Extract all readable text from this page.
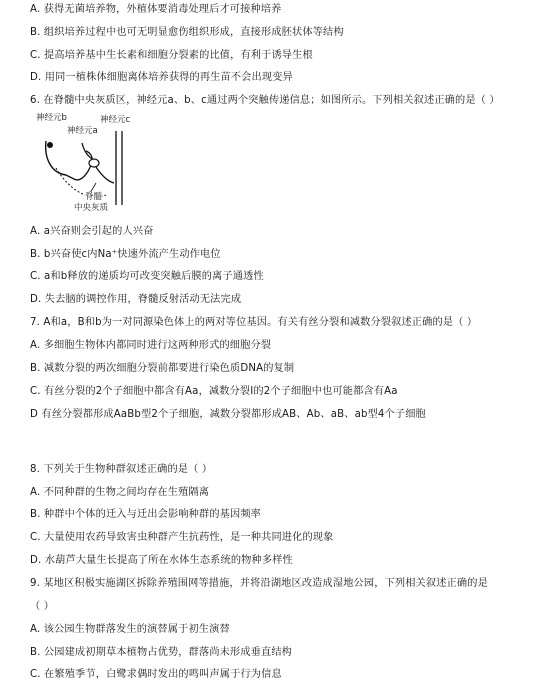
A. 获得无菌培养物，外植体要消毒处理后才可接种培养
B. 组织培养过程中也可无明显愈伤组织形成，直接形成胚状体等结构
C. 提高培养基中生长素和细胞分裂素的比值，有利于诱导生根
D. 用同一植株体细胞离体培养获得的再生苗不会出现变异
6. 在脊髓中央灰质区，神经元a、b、c通过两个突触传递信息；如图所示。下列相关叙述正确的是（ ）
神经元b	神经元c
神经元a
脊髓
中央灰质
A. a兴奋则会引起的人兴奋
B. b兴奋使c内Na⁺快速外流产生动作电位
C. a和b释放的递质均可改变突触后膜的离子通透性
D. 失去脑的调控作用，脊髓反射活动无法完成
7. A和a，B和b为一对同源染色体上的两对等位基因。有关有丝分裂和减数分裂叙述正确的是（ ）
A. 多细胞生物体内都同时进行这两种形式的细胞分裂
B. 减数分裂的两次细胞分裂前都要进行染色质DNA的复制
C. 有丝分裂的2个子细胞中都含有Aa，减数分裂Ⅰ的2个子细胞中也可能都含有Aa
D 有丝分裂都形成AaBb型2个子细胞，减数分裂都形成AB、Ab、aB、ab型4个子细胞
8. 下列关于生物种群叙述正确的是（ ）
A. 不同种群的生物之间均存在生殖隔离
B. 种群中个体的迁入与迁出会影响种群的基因频率
C. 大量使用农药导致害虫种群产生抗药性，是一种共同进化的现象
D. 水葫芦大量生长提高了所在水体生态系统的物种多样性
9. 某地区积极实施湖区拆除养殖围网等措施，并将沿湖地区改造成湿地公园，下列相关叙述正确的是
（ ）
A. 该公园生物群落发生的演替属于初生演替
B. 公园建成初期草本植物占优势，群落尚未形成垂直结构
C. 在繁殖季节，白鹭求偶时发出的鸣叫声属于行为信息
